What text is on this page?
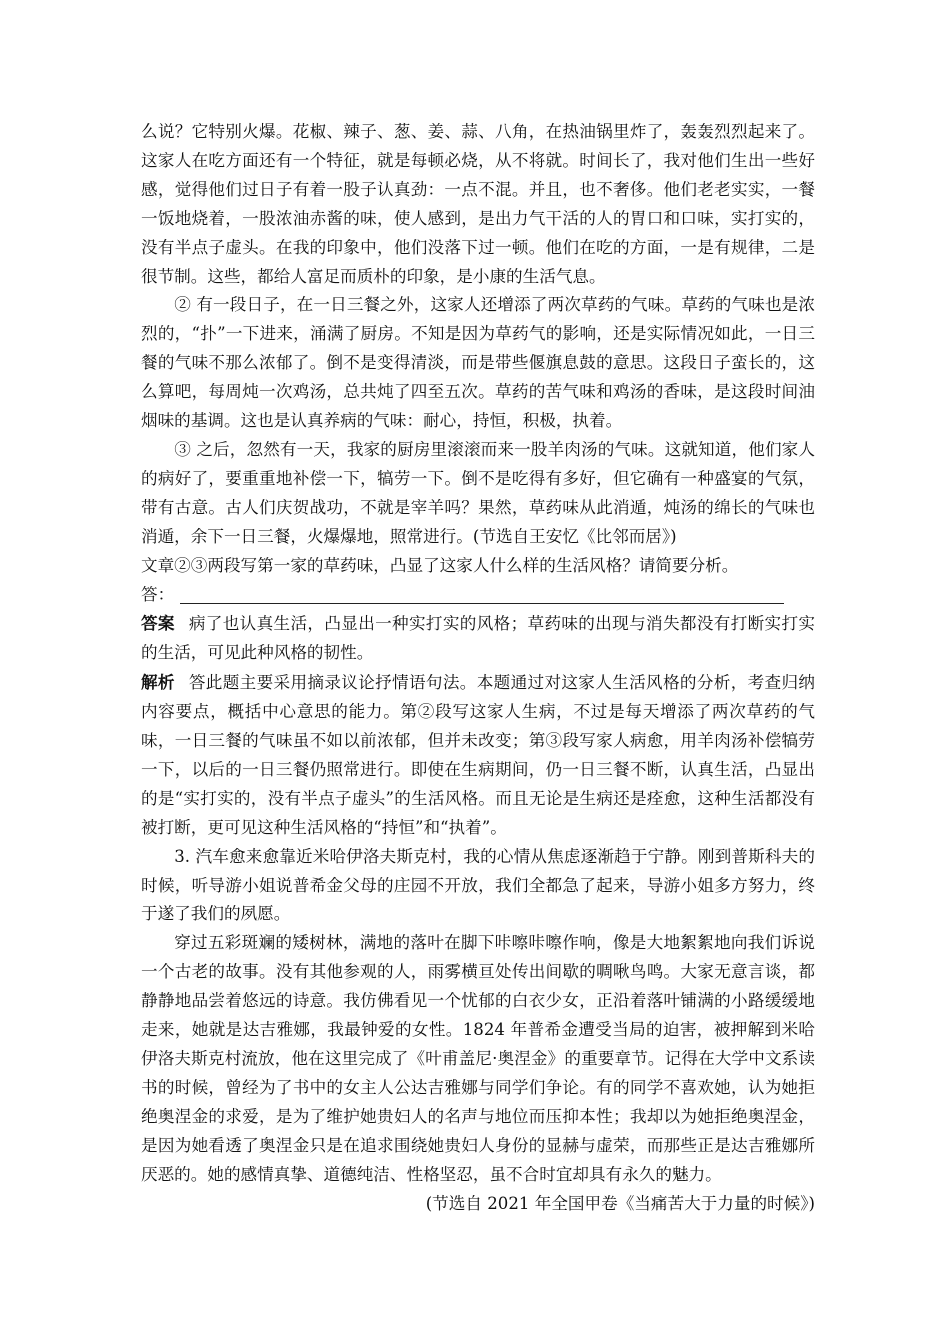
么说？它特别火爆。花椒、辣子、葱、姜、蒜、八角，在热油锅里炸了，轰轰烈烈起来了。这家人在吃方面还有一个特征，就是每顿必烧，从不将就。时间长了，我对他们生出一些好感，觉得他们过日子有着一股子认真劲：一点不混。并且，也不奢侈。他们老老实实，一餐一饭地烧着，一股浓油赤酱的味，使人感到，是出力气干活的人的胃口和口味，实打实的，没有半点子虚头。在我的印象中，他们没落下过一顿。他们在吃的方面，一是有规律，二是很节制。这些，都给人富足而质朴的印象，是小康的生活气息。

② 有一段日子，在一日三餐之外，这家人还增添了两次草药的气味。草药的气味也是浓烈的，“扑”一下进来，涌满了厨房。不知是因为草药气的影响，还是实际情况如此，一日三餐的气味不那么浓郁了。倒不是变得清淡，而是带些偃旗息鼓的意思。这段日子蛮长的，这么算吧，每周炖一次鸡汤，总共炖了四至五次。草药的苦气味和鸡汤的香味，是这段时间油烟味的基调。这也是认真养病的气味：耐心，持恒，积极，执着。

③ 之后，忽然有一天，我家的厨房里滚滚而来一股羊肉汤的气味。这就知道，他们家人的病好了，要重重地补偿一下，犒劳一下。倒不是吃得有多好，但它确有一种盛宴的气氛，带有古意。古人们庆贺战功，不就是宰羊吗？果然，草药味从此消遁，炖汤的绵长的气味也消遁，余下一日三餐，火爆爆地，照常进行。(节选自王安忆《比邻而居》)

文章②③两段写第一家的草药味，凸显了这家人什么样的生活风格？请简要分析。

答：

答案 病了也认真生活，凸显出一种实打实的风格；草药味的出现与消失都没有打断实打实的生活，可见此种风格的韧性。

解析 答此题主要采用摘录议论抒情语句法。本题通过对这家人生活风格的分析，考查归纳内容要点，概括中心意思的能力。第②段写这家人生病，不过是每天增添了两次草药的气味，一日三餐的气味虽不如以前浓郁，但并未改变；第③段写家人病愈，用羊肉汤补偿犒劳一下，以后的一日三餐仍照常进行。即使在生病期间，仍一日三餐不断，认真生活，凸显出的是“实打实的，没有半点子虚头”的生活风格。而且无论是生病还是痊愈，这种生活都没有被打断，更可见这种生活风格的“持恒”和“执着”。

3. 汽车愈来愈靠近米哈伊洛夫斯克村，我的心情从焦虑逐渐趋于宁静。刚到普斯科夫的时候，听导游小姐说普希金父母的庄园不开放，我们全都急了起来，导游小姐多方努力，终于遂了我们的夙愿。

穿过五彩斑斓的矮树林，满地的落叶在脚下咔嚓咔嚓作响，像是大地絮絮地向我们诉说一个古老的故事。没有其他参观的人，雨雾横亘处传出间歇的啁啾鸟鸣。大家无意言谈，都静静地品尝着悠远的诗意。我仿佛看见一个忧郁的白衣少女，正沿着落叶铺满的小路缓缓地走来，她就是达吉雅娜，我最钟爱的女性。1824 年普希金遭受当局的迫害，被押解到米哈伊洛夫斯克村流放，他在这里完成了《叶甫盖尼·奥涅金》的重要章节。记得在大学中文系读书的时候，曾经为了书中的女主人公达吉雅娜与同学们争论。有的同学不喜欢她，认为她拒绝奥涅金的求爱，是为了维护她贵妇人的名声与地位而压抑本性；我却以为她拒绝奥涅金，是因为她看透了奥涅金只是在追求围绕她贵妇人身份的显赫与虚荣，而那些正是达吉雅娜所厌恶的。她的感情真挚、道德纯洁、性格坚忍，虽不合时宜却具有永久的魅力。

(节选自 2021 年全国甲卷《当痛苦大于力量的时候》)
